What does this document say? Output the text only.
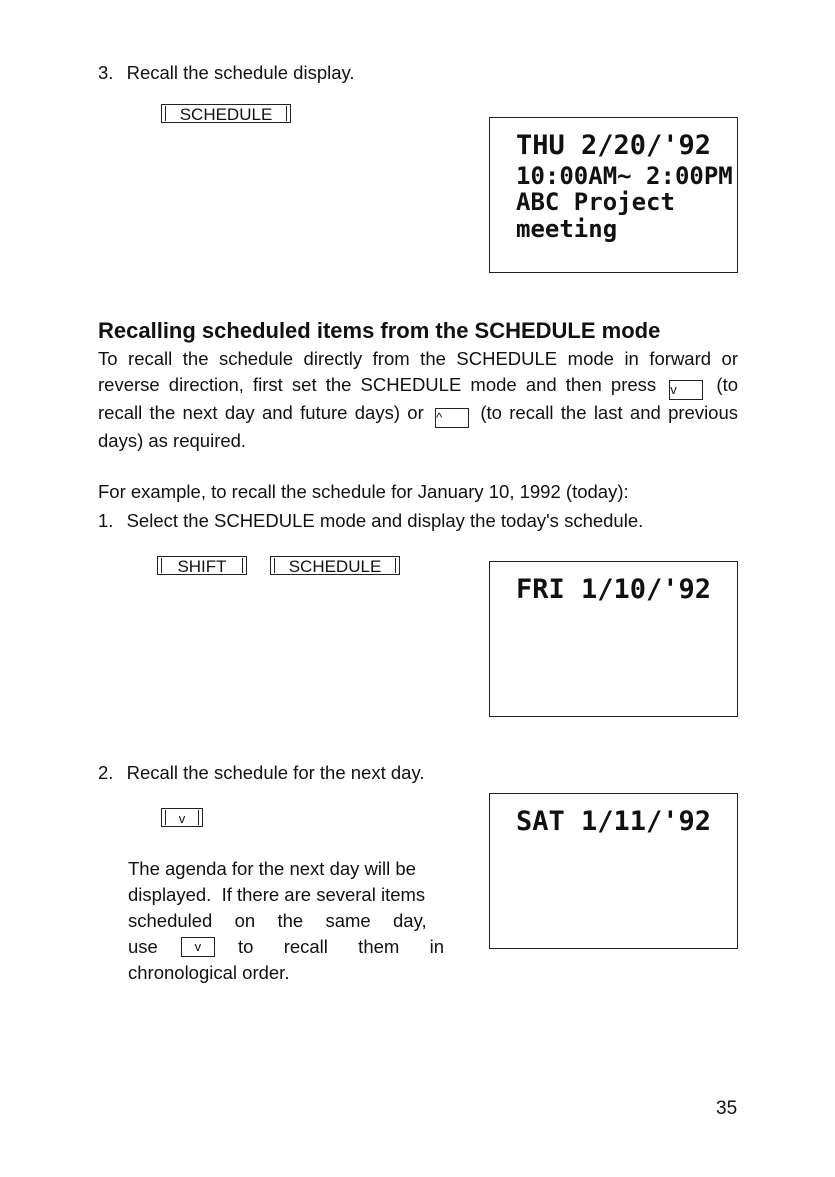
3. Recall the schedule display.
SCHEDULE
THU 2/20/'92
10:00AM~ 2:00PM
ABC Project
meeting
Recalling scheduled items from the SCHEDULE mode
To recall the schedule directly from the SCHEDULE mode in forward or
reverse direction, first set the SCHEDULE mode and then press v (to
recall the next day and future days) or ^ (to recall the last and previous
days) as required.
For example, to recall the schedule for January 10, 1992 (today):
1. Select the SCHEDULE mode and display the today's schedule.
SHIFT	SCHEDULE
FRI 1/10/'92
2. Recall the schedule for the next day.
v	SAT 1/11/'92
The agenda for the next day will be
displayed.  If there are several items
scheduled  on  the  same  day,
use	v	to  recall  them  in
chronological order.
35
